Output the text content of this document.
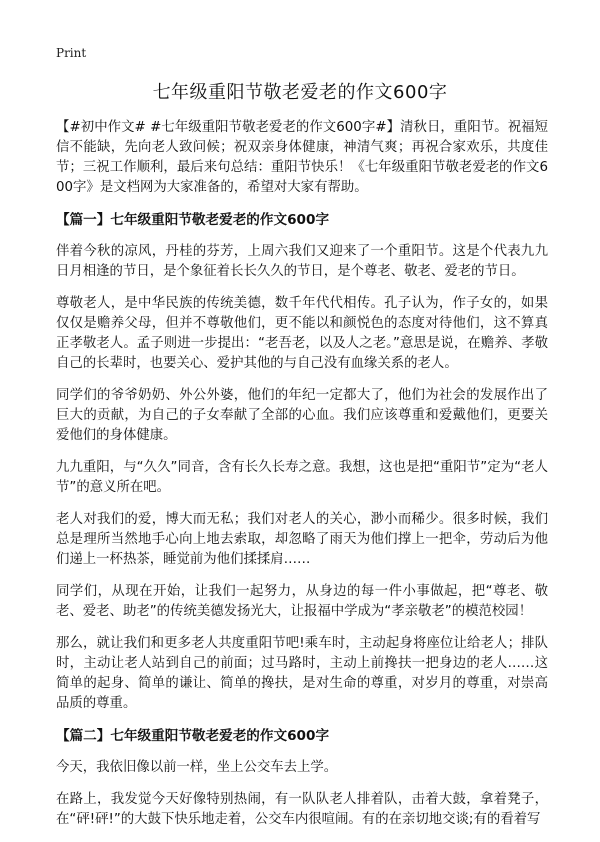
Print
七年级重阳节敬老爱老的作文600字

【#初中作文# #七年级重阳节敬老爱老的作文600字#】清秋日，重阳节。祝福短信不能缺，先向老人致问候；祝双亲身体健康，神清气爽；再祝合家欢乐，共度佳节；三祝工作顺利，最后来句总结：重阳节快乐！《七年级重阳节敬老爱老的作文600字》是文档网为大家准备的，希望对大家有帮助。

【篇一】七年级重阳节敬老爱老的作文600字

伴着今秋的凉风，丹桂的芬芳，上周六我们又迎来了一个重阳节。这是个代表九九日月相逢的节日，是个象征着长长久久的节日，是个尊老、敬老、爱老的节日。

尊敬老人，是中华民族的传统美德，数千年代代相传。孔子认为，作子女的，如果仅仅是赡养父母，但并不尊敬他们，更不能以和颜悦色的态度对待他们，这不算真正孝敬老人。孟子则进一步提出：“老吾老，以及人之老。”意思是说，在赡养、孝敬自己的长辈时，也要关心、爱护其他的与自己没有血缘关系的老人。

同学们的爷爷奶奶、外公外婆，他们的年纪一定都大了，他们为社会的发展作出了巨大的贡献，为自己的子女奉献了全部的心血。我们应该尊重和爱戴他们，更要关爱他们的身体健康。

九九重阳，与“久久”同音，含有长久长寿之意。我想，这也是把“重阳节”定为“老人节”的意义所在吧。

老人对我们的爱，博大而无私；我们对老人的关心，渺小而稀少。很多时候，我们总是理所当然地手心向上地去索取，却忽略了雨天为他们撑上一把伞，劳动后为他们递上一杯热茶，睡觉前为他们揉揉肩……

同学们，从现在开始，让我们一起努力，从身边的每一件小事做起，把“尊老、敬老、爱老、助老”的传统美德发扬光大，让报福中学成为“孝亲敬老”的模范校园！

那么，就让我们和更多老人共度重阳节吧!乘车时，主动起身将座位让给老人；排队时，主动让老人站到自己的前面；过马路时，主动上前搀扶一把身边的老人……这简单的起身、简单的谦让、简单的搀扶，是对生命的尊重，对岁月的尊重，对崇高品质的尊重。

【篇二】七年级重阳节敬老爱老的作文600字

今天，我依旧像以前一样，坐上公交车去上学。

在路上，我发觉今天好像特别热闹，有一队队老人排着队，击着大鼓，拿着凳子，在“砰!砰!”的大鼓下快乐地走着，公交车内很喧闹。有的在亲切地交谈;有的看着写
